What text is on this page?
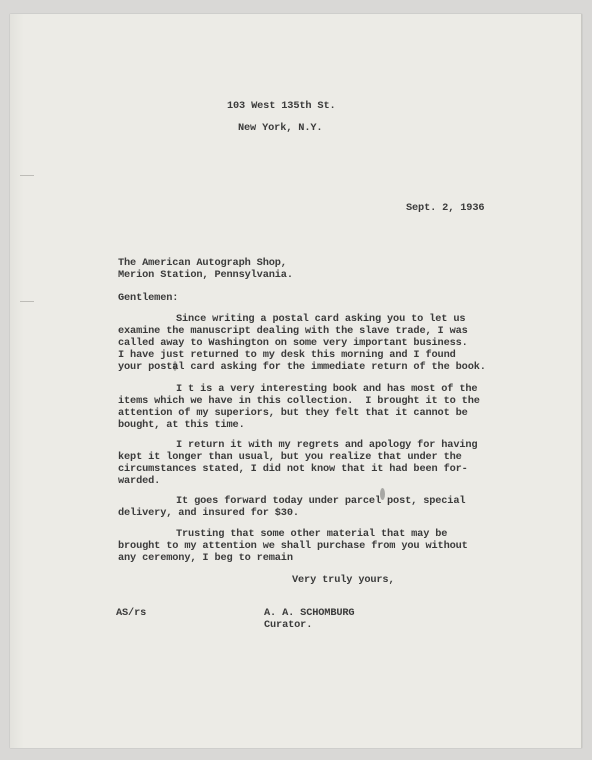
103 West 135th St.
New York, N.Y.
Sept. 2, 1936
The American Autograph Shop,
Merion Station, Pennsylvania.
Gentlemen:
Since writing a postal card asking you to let us
examine the manuscript dealing with the slave trade, I was
called away to Washington on some very important business.
I have just returned to my desk this morning and I found
your postal card asking for the immediate return of the book.
I t is a very interesting book and has most of the
items which we have in this collection.  I brought it to the
attention of my superiors, but they felt that it cannot be
bought, at this time.
I return it with my regrets and apology for having
kept it longer than usual, but you realize that under the
circumstances stated, I did not know that it had been for-
warded.
It goes forward today under parcel post, special
delivery, and insured for $30.
Trusting that some other material that may be
brought to my attention we shall purchase from you without
any ceremony, I beg to remain
Very truly yours,
AS/rs	A. A. SCHOMBURG
Curator.
